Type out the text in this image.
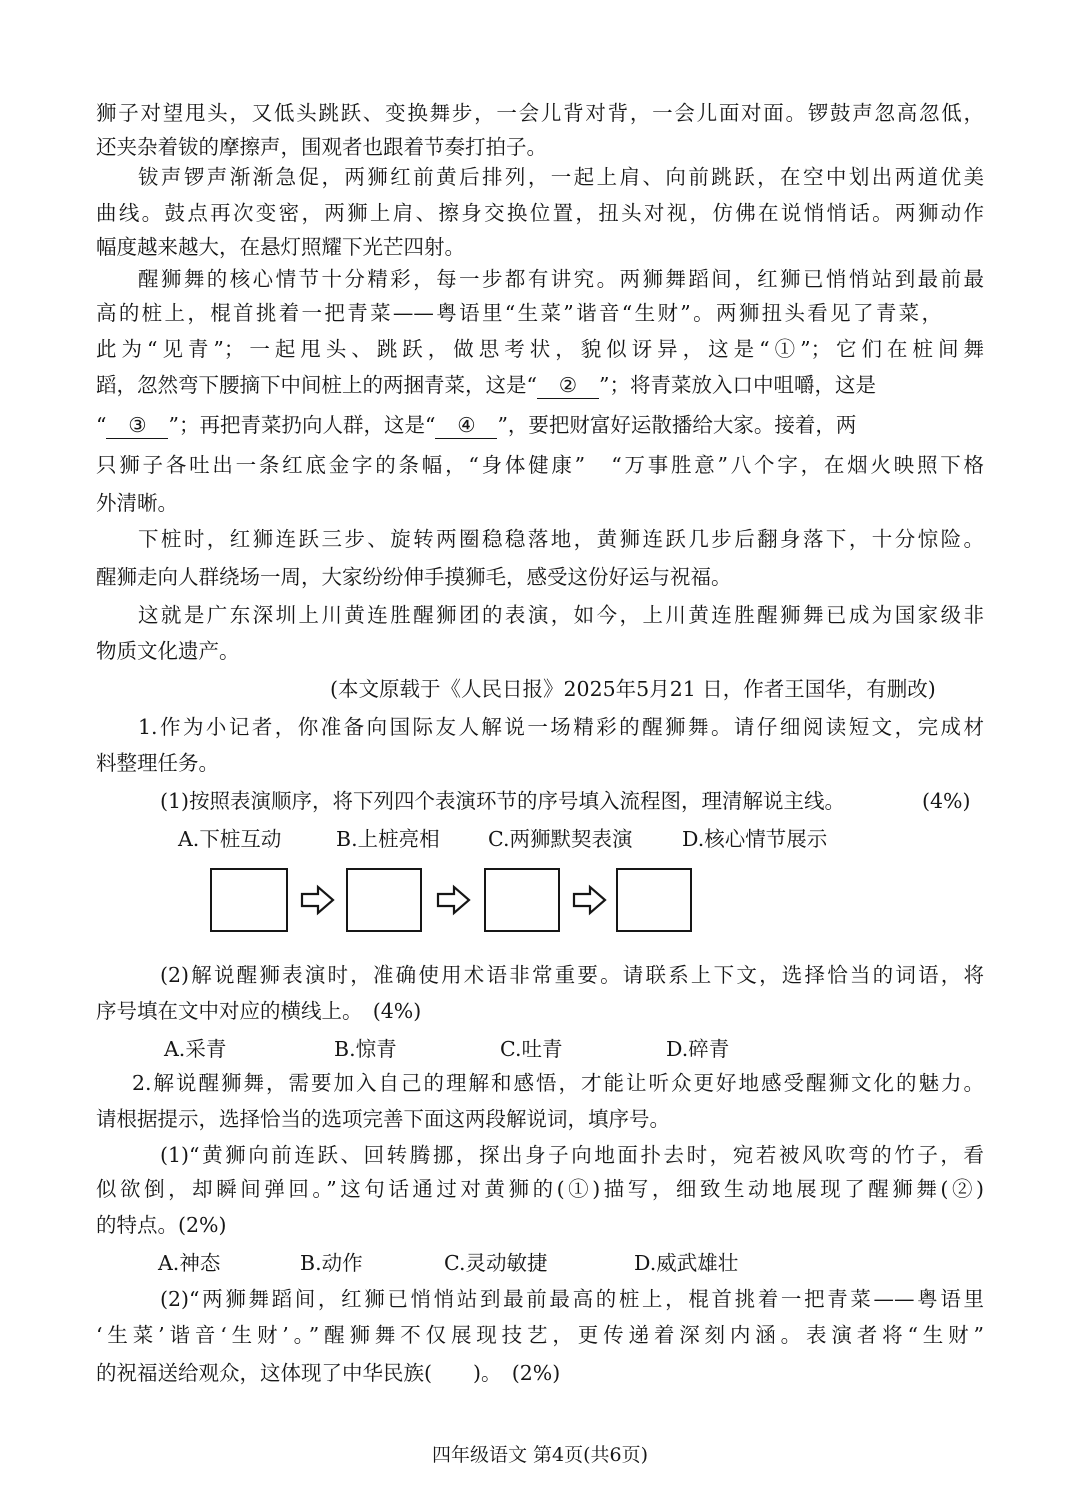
狮子对望甩头，又低头跳跃、变换舞步，一会儿背对背，一会儿面对面。锣鼓声忽高忽低，
还夹杂着钹的摩擦声，围观者也跟着节奏打拍子。
钹声锣声渐渐急促，两狮红前黄后排列，一起上肩、向前跳跃，在空中划出两道优美
曲线。鼓点再次变密，两狮上肩、擦身交换位置，扭头对视，仿佛在说悄悄话。两狮动作
幅度越来越大，在悬灯照耀下光芒四射。
醒狮舞的核心情节十分精彩，每一步都有讲究。两狮舞蹈间，红狮已悄悄站到最前最
高的桩上，棍首挑着一把青菜——粤语里“生菜”谐音“生财”。两狮扭头看见了青菜，
此为“见青”；一起甩头、跳跃，做思考状，貌似讶异，这是“①”；它们在桩间舞
蹈，忽然弯下腰摘下中间桩上的两捆青菜，这是“ ② ”；将青菜放入口中咀嚼，这是
“ ③ ”；再把青菜扔向人群，这是“ ④ ”，要把财富好运散播给大家。接着，两
只狮子各吐出一条红底金字的条幅，“身体健康”　“万事胜意”八个字，在烟火映照下格
外清晰。
下桩时，红狮连跃三步、旋转两圈稳稳落地，黄狮连跃几步后翻身落下，十分惊险。
醒狮走向人群绕场一周，大家纷纷伸手摸狮毛，感受这份好运与祝福。
这就是广东深圳上川黄连胜醒狮团的表演，如今，上川黄连胜醒狮舞已成为国家级非
物质文化遗产。
(本文原载于《人民日报》2025年5月21 日，作者王国华，有删改)
1.作为小记者，你准备向国际友人解说一场精彩的醒狮舞。请仔细阅读短文，完成材
料整理任务。
(1)按照表演顺序，将下列四个表演环节的序号填入流程图，理清解说主线。	(4%)
A.下桩互动	B.上桩亮相 C.两狮默契表演 D.核心情节展示
(2)解说醒狮表演时，准确使用术语非常重要。请联系上下文，选择恰当的词语，将
序号填在文中对应的横线上。　(4%)
A.采青	B.惊青	C.吐青	D.碎青
2.解说醒狮舞，需要加入自己的理解和感悟，才能让听众更好地感受醒狮文化的魅力。
请根据提示，选择恰当的选项完善下面这两段解说词，填序号。
(1)“黄狮向前连跃、回转腾挪，探出身子向地面扑去时，宛若被风吹弯的竹子，看
似欲倒，却瞬间弹回。”这句话通过对黄狮的(①)描写，细致生动地展现了醒狮舞(②)
的特点。(2%)
A.神态	B.动作	C.灵动敏捷	D.威武雄壮
(2)“两狮舞蹈间，红狮已悄悄站到最前最高的桩上，棍首挑着一把青菜——粤语里
‘生菜’谐音‘生财’。”醒狮舞不仅展现技艺，更传递着深刻内涵。表演者将“生财”
的祝福送给观众，这体现了中华民族(　　)。　(2%)
四年级语文 第4页(共6页)
